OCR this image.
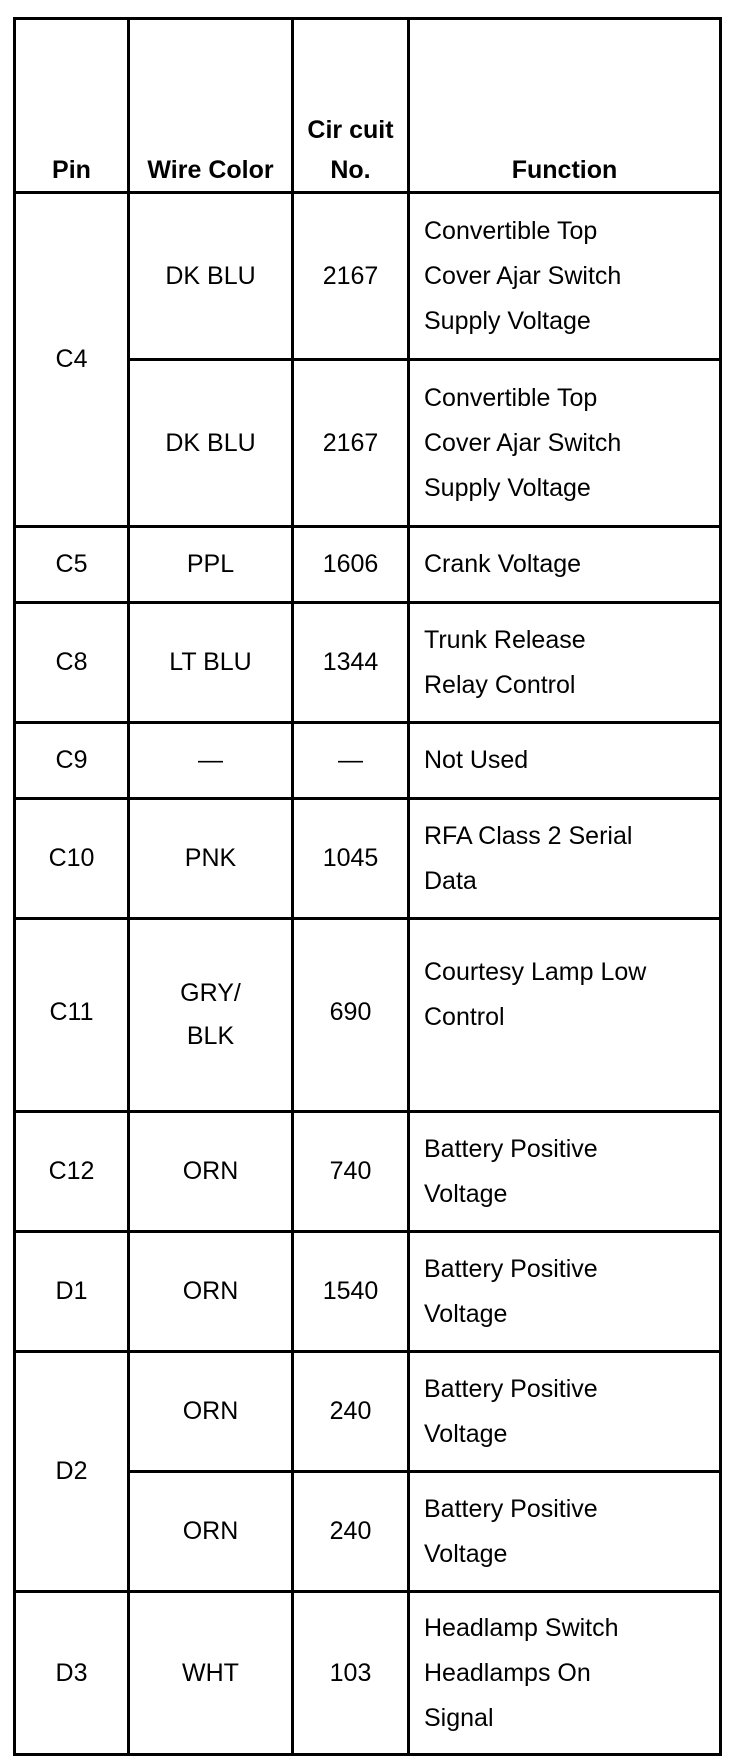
Pin	Wire Color	Cir cuit No.	Function
C4	DK BLU	2167	Convertible Top
Cover Ajar Switch
Supply Voltage

	DK BLU	2167	Convertible Top
Cover Ajar Switch
Supply Voltage

C5	PPL	1606	Crank Voltage

C8	LT BLU	1344	Trunk Release
Relay Control

C9	—	—	Not Used

C10	PNK	1045	RFA Class 2 Serial
Data

C11	GRY/BLK	690	Courtesy Lamp Low
Control

C12	ORN	740	Battery Positive
Voltage

D1	ORN	1540	Battery Positive
Voltage

D2	ORN	240	Battery Positive
Voltage

	ORN	240	Battery Positive
Voltage

D3	WHT	103	Headlamp Switch
Headlamps On
Signal
